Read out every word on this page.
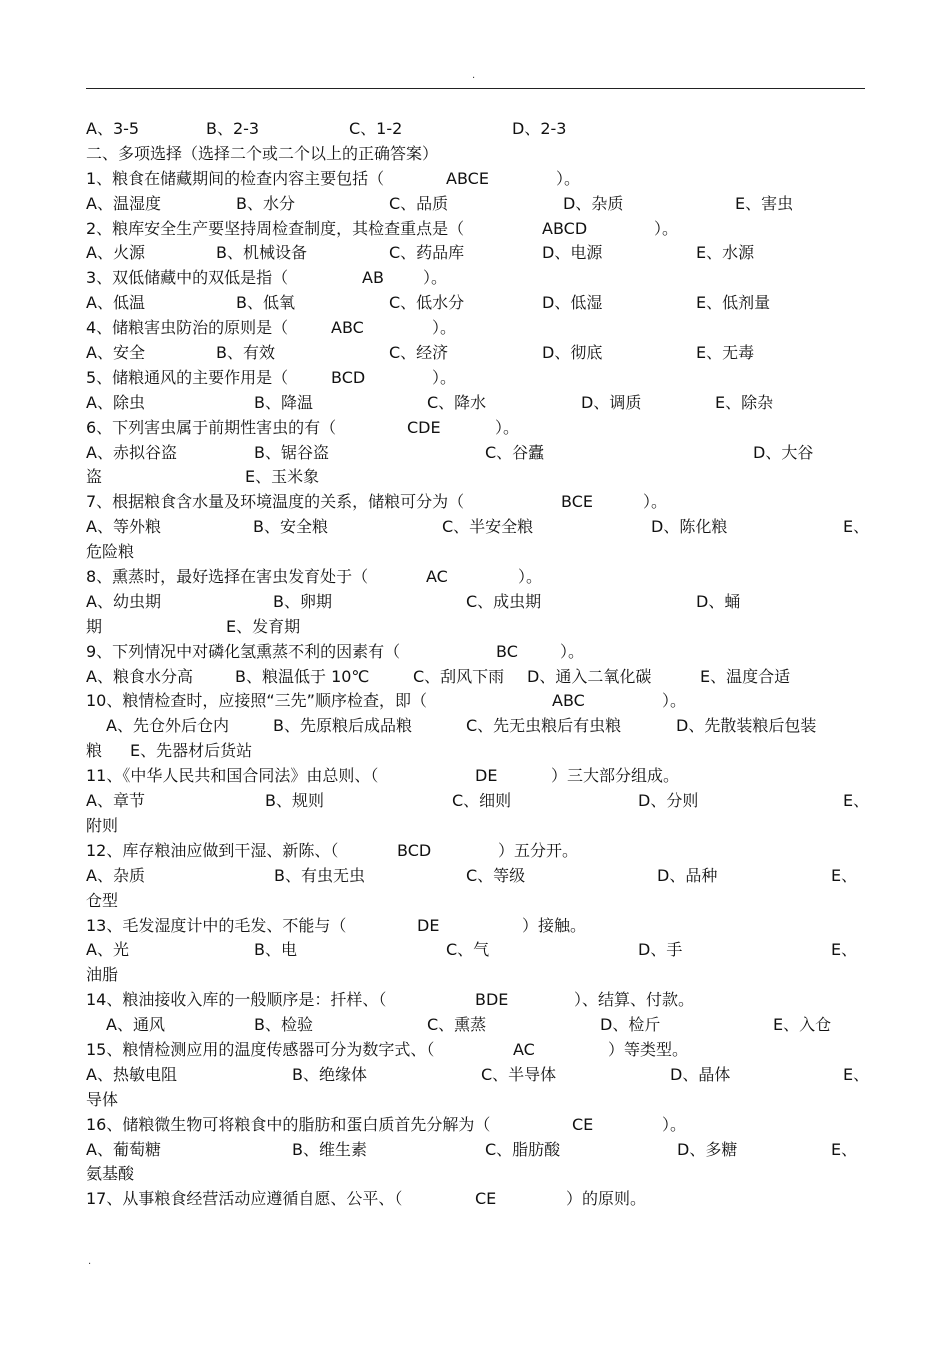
.
A、3-5	B、2-3	C、1-2	D、2-3
二、多项选择（选择二个或二个以上的正确答案）
1、粮食在储藏期间的检查内容主要包括（	ABCE	）。
A、温湿度	B、水分	C、品质	D、杂质	E、害虫
2、粮库安全生产要坚持周检查制度，其检查重点是（	ABCD	）。
A、火源	B、机械设备	C、药品库	D、电源	E、水源
3、双低储藏中的双低是指（	AB ）。
A、低温	B、低氧	C、低水分	D、低湿	E、低剂量
4、储粮害虫防治的原则是（	ABC	）。
A、安全	B、有效	C、经济	D、彻底	E、无毒
5、储粮通风的主要作用是（	BCD	）。
A、除虫	B、降温	C、降水	D、调质	E、除杂
6、下列害虫属于前期性害虫的有（	CDE	）。
A、赤拟谷盗	B、锯谷盗	C、谷蠹	D、大谷
盗	E、玉米象
7、根据粮食含水量及环境温度的关系，储粮可分为（	BCE	）。
A、等外粮	B、安全粮	C、半安全粮	D、陈化粮	E、
危险粮
8、熏蒸时，最好选择在害虫发育处于（	AC	）。
A、幼虫期	B、卵期	C、成虫期	D、蛹
期	E、发育期
9、下列情况中对磷化氢熏蒸不利的因素有（	BC	）。
A、粮食水分高	B、粮温低于 10℃	C、刮风下雨 D、通入二氧化碳	E、温度合适
10、粮情检查时，应接照“三先”顺序检查，即（	ABC	）。
A、先仓外后仓内	B、先原粮后成品粮	C、先无虫粮后有虫粮	D、先散装粮后包装
粮 E、先器材后货站
11、《中华人民共和国合同法》由总则、（	DE	）三大部分组成。
A、章节	B、规则	C、细则	D、分则	E、
附则
12、库存粮油应做到干湿、新陈、（	BCD	）五分开。
A、杂质	B、有虫无虫	C、等级	D、品种	E、
仓型
13、毛发湿度计中的毛发、不能与（	DE	）接触。
A、光	B、电	C、气	D、手	E、
油脂
14、粮油接收入库的一般顺序是：扦样、（	BDE	）、结算、付款。
A、通风	B、检验	C、熏蒸	D、检斤	E、入仓
15、粮情检测应用的温度传感器可分为数字式、（	AC	）等类型。
A、热敏电阻	B、绝缘体	C、半导体	D、晶体	E、
导体
16、储粮微生物可将粮食中的脂肪和蛋白质首先分解为（	CE	）。
A、葡萄糖	B、维生素	C、脂肪酸	D、多糖	E、
氨基酸
17、从事粮食经营活动应遵循自愿、公平、（	CE	）的原则。
.
